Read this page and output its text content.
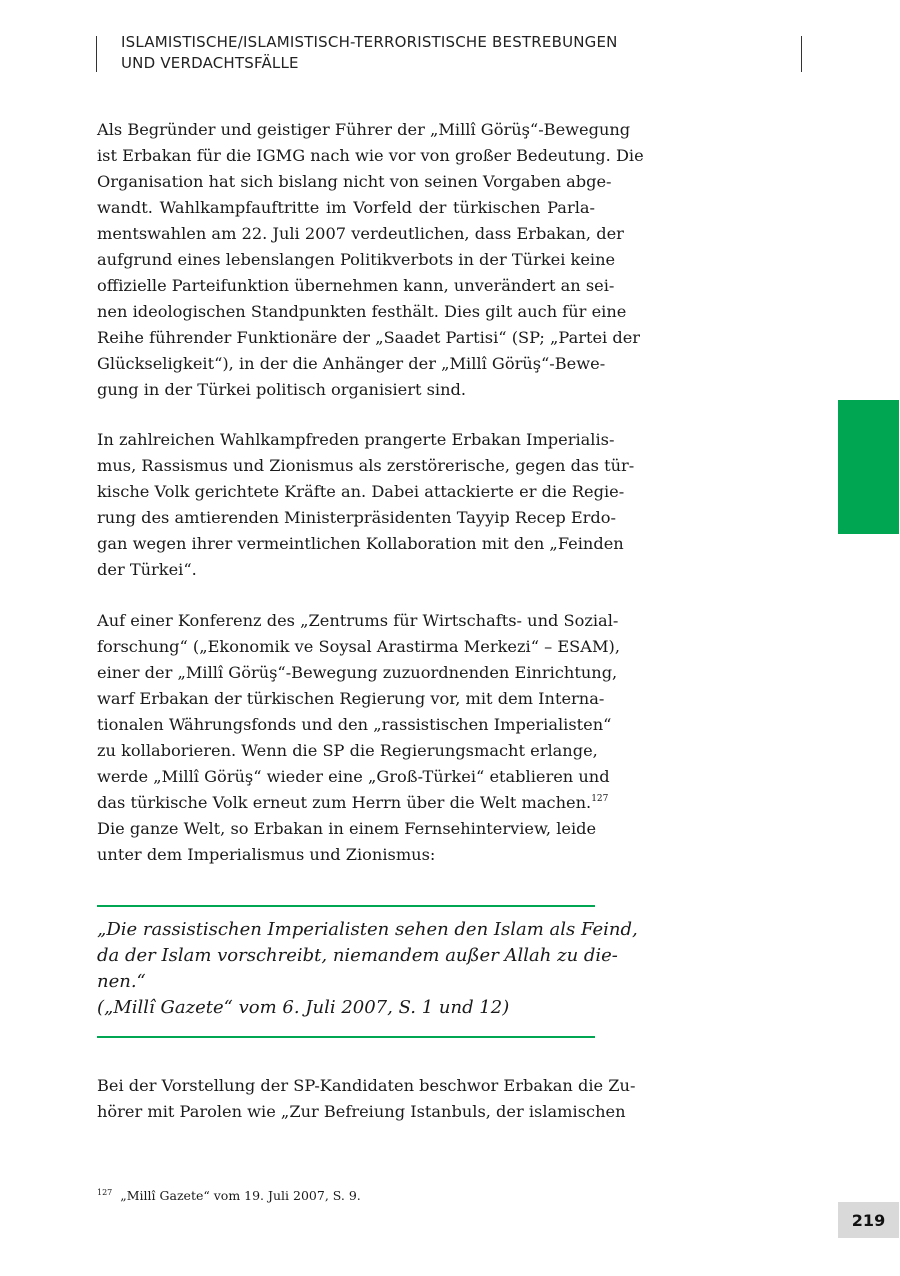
ISLAMISTISCHE/ISLAMISTISCH-TERRORISTISCHE BESTREBUNGEN
UND VERDACHTSFÄLLE
Als Begründer und geistiger Führer der „Millî Görüş“-Bewegung
ist Erbakan für die IGMG nach wie vor von großer Bedeutung. Die
Organisation hat sich bislang nicht von seinen Vorgaben abge-
wandt. Wahlkampfauftritte im Vorfeld der türkischen Parla-
mentswahlen am 22. Juli 2007 verdeutlichen, dass Erbakan, der
aufgrund eines lebenslangen Politikverbots in der Türkei keine
offizielle Parteifunktion übernehmen kann, unverändert an sei-
nen ideologischen Standpunkten festhält. Dies gilt auch für eine
Reihe führender Funktionäre der „Saadet Partisi“ (SP; „Partei der
Glückseligkeit“), in der die Anhänger der „Millî Görüş“-Bewe-
gung in der Türkei politisch organisiert sind.
In zahlreichen Wahlkampfreden prangerte Erbakan Imperialis-
mus, Rassismus und Zionismus als zerstörerische, gegen das tür-
kische Volk gerichtete Kräfte an. Dabei attackierte er die Regie-
rung des amtierenden Ministerpräsidenten Tayyip Recep Erdo-
gan wegen ihrer vermeintlichen Kollaboration mit den „Feinden
der Türkei“.
Auf einer Konferenz des „Zentrums für Wirtschafts- und Sozial-
forschung“ („Ekonomik ve Soysal Arastirma Merkezi“ – ESAM),
einer der „Millî Görüş“-Bewegung zuzuordnenden Einrichtung,
warf Erbakan der türkischen Regierung vor, mit dem Interna-
tionalen Währungsfonds und den „rassistischen Imperialisten“
zu kollaborieren. Wenn die SP die Regierungsmacht erlange,
werde „Millî Görüş“ wieder eine „Groß-Türkei“ etablieren und
das türkische Volk erneut zum Herrn über die Welt machen.$^{127}$
Die ganze Welt, so Erbakan in einem Fernsehinterview, leide
unter dem Imperialismus und Zionismus:
„Die rassistischen Imperialisten sehen den Islam als Feind,
da der Islam vorschreibt, niemandem außer Allah zu die-
nen.“
(„Millî Gazete“ vom 6. Juli 2007, S. 1 und 12)
Bei der Vorstellung der SP-Kandidaten beschwor Erbakan die Zu-
hörer mit Parolen wie „Zur Befreiung Istanbuls, der islamischen
$^{127}$ „Millî Gazete“ vom 19. Juli 2007, S. 9.
219
